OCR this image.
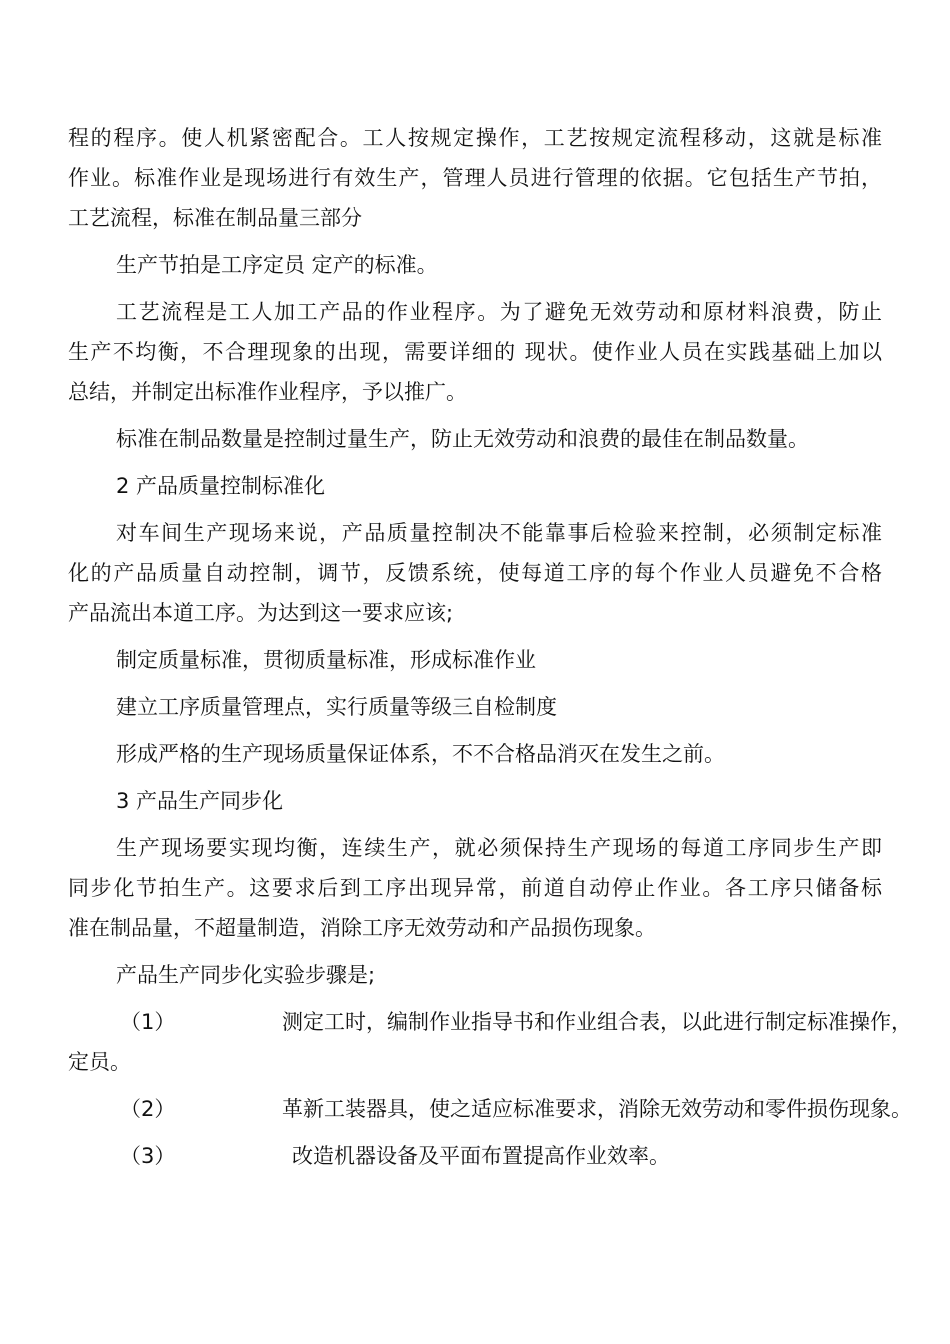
程的程序。使人机紧密配合。工人按规定操作，工艺按规定流程移动，这就是标准
作业。标准作业是现场进行有效生产，管理人员进行管理的依据。它包括生产节拍，
工艺流程，标准在制品量三部分
生产节拍是工序定员 定产的标准。
工艺流程是工人加工产品的作业程序。为了避免无效劳动和原材料浪费，防止
生产不均衡，不合理现象的出现，需要详细的 现状。使作业人员在实践基础上加以
总结，并制定出标准作业程序，予以推广。
标准在制品数量是控制过量生产，防止无效劳动和浪费的最佳在制品数量。
2 产品质量控制标准化
对车间生产现场来说，产品质量控制决不能靠事后检验来控制，必须制定标准
化的产品质量自动控制，调节，反馈系统，使每道工序的每个作业人员避免不合格
产品流出本道工序。为达到这一要求应该;
制定质量标准，贯彻质量标准，形成标准作业
建立工序质量管理点，实行质量等级三自检制度
形成严格的生产现场质量保证体系，不不合格品消灭在发生之前。
3 产品生产同步化
生产现场要实现均衡，连续生产，就必须保持生产现场的每道工序同步生产即
同步化节拍生产。这要求后到工序出现异常，前道自动停止作业。各工序只储备标
准在制品量，不超量制造，消除工序无效劳动和产品损伤现象。
产品生产同步化实验步骤是;
（1）	测定工时，编制作业指导书和作业组合表，以此进行制定标准操作，
定员。
（2）	革新工装器具，使之适应标准要求，消除无效劳动和零件损伤现象。
（3）	改造机器设备及平面布置提高作业效率。
